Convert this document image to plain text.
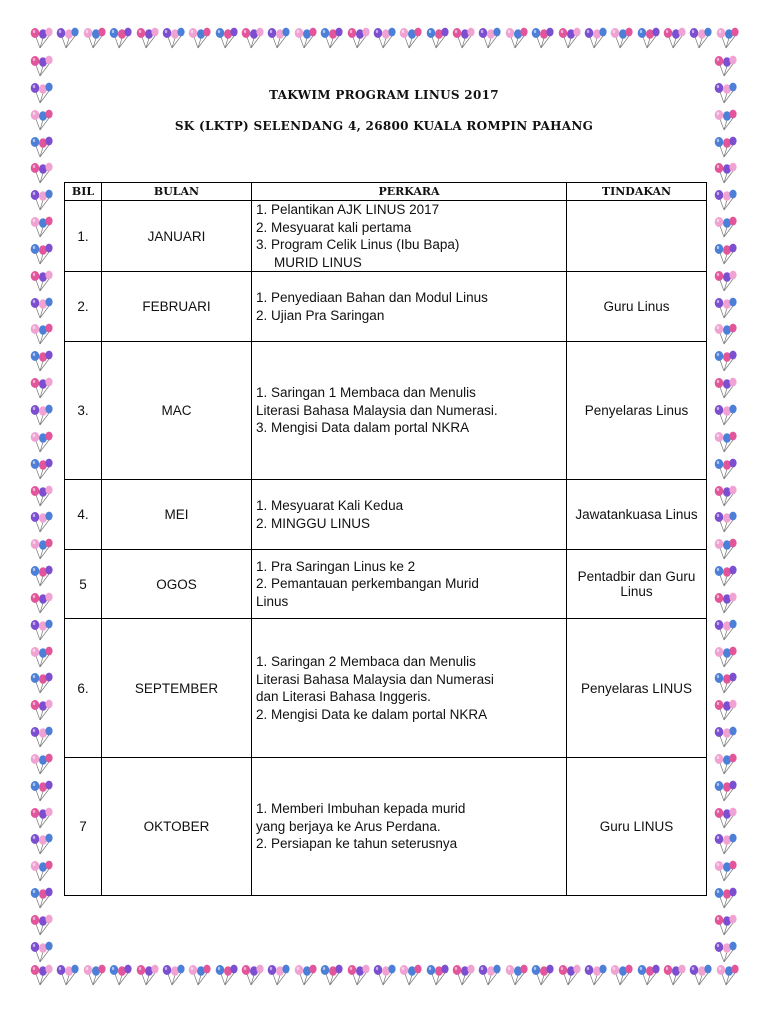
TAKWIM PROGRAM LINUS 2017
SK (LKTP) SELENDANG 4, 26800 KUALA ROMPIN PAHANG
BIL	BULAN	PERKARA	TINDAKAN
1.	JANUARI	1. Pelantikan AJK LINUS 2017
2. Mesyuarat kali pertama
3. Program Celik Linus (Ibu Bapa)
MURID LINUS	

2.	FEBRUARI	1. Penyediaan Bahan dan Modul Linus
2. Ujian Pra Saringan	Guru Linus
3.	MAC	1. Saringan 1 Membaca dan Menulis
Literasi Bahasa Malaysia dan Numerasi.
3. Mengisi Data dalam portal NKRA	Penyelaras Linus
4.	MEI	1. Mesyuarat Kali Kedua
2. MINGGU LINUS	Jawatankuasa Linus
5	OGOS	1. Pra Saringan Linus ke 2
2. Pemantauan perkembangan Murid
Linus	Pentadbir dan Guru Linus
6.	SEPTEMBER	1. Saringan 2 Membaca dan Menulis
Literasi Bahasa Malaysia dan Numerasi
dan Literasi Bahasa Inggeris.
2. Mengisi Data ke dalam portal NKRA	Penyelaras LINUS
7	OKTOBER	1. Memberi Imbuhan kepada murid
yang berjaya ke Arus Perdana.
2. Persiapan ke tahun seterusnya	Guru LINUS
